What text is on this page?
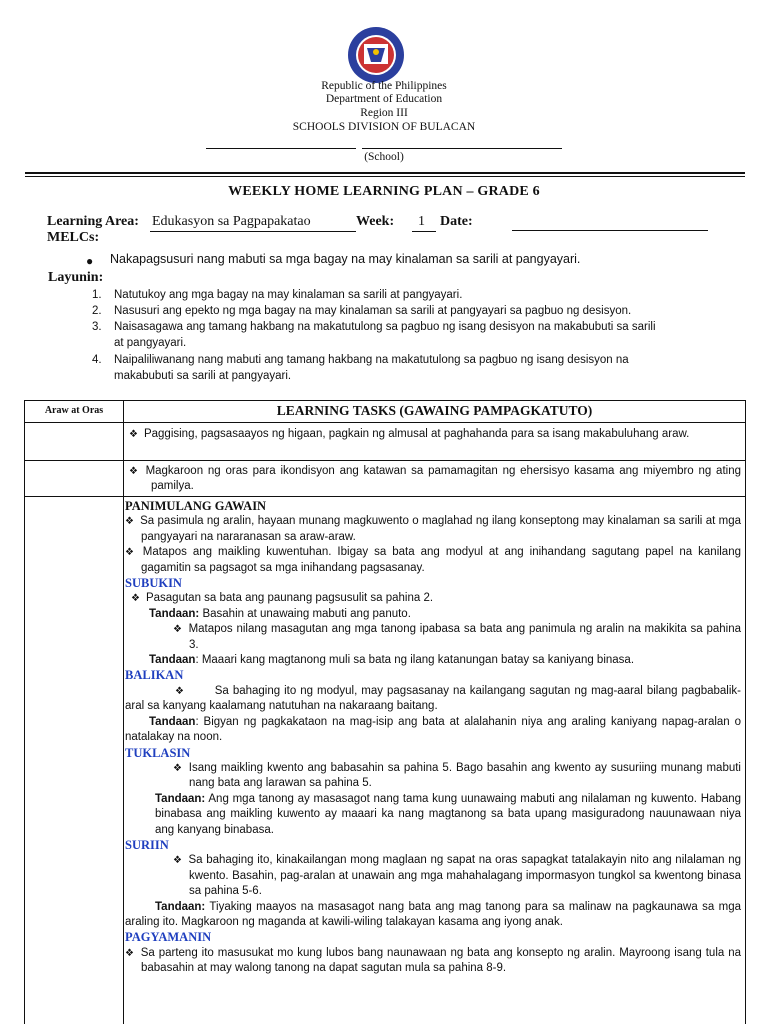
Republic of the Philippines
Department of Education
Region III
SCHOOLS DIVISION OF BULACAN
(School)
WEEKLY HOME LEARNING PLAN – GRADE 6
Learning Area: Edukasyon sa Pagpapakatao	Week: 1 Date:
MELCs:
● Nakapagsusuri nang mabuti sa mga bagay na may kinalaman sa sarili at pangyayari.
Layunin:
1. Natutukoy ang mga bagay na may kinalaman sa sarili at pangyayari.
2. Nasusuri ang epekto ng mga bagay na may kinalaman sa sarili at pangyayari sa pagbuo ng desisyon.
3. Naisasagawa ang tamang hakbang na makatutulong sa pagbuo ng isang desisyon na makabubuti sa sarili
at pangyayari.
4. Naipaliliwanang nang mabuti ang tamang hakbang na makatutulong sa pagbuo ng isang desisyon na
makabubuti sa sarili at pangyayari.
Araw at Oras	LEARNING TASKS (GAWAING PAMPAGKATUTO)

❖ Paggising, pagsasaayos ng higaan, pagkain ng almusal at paghahanda para sa isang makabuluhang araw.

❖ Magkaroon ng oras para ikondisyon ang katawan sa pamamagitan ng ehersisyo kasama ang miyembro ng ating pamilya.

PANIMULANG GAWAIN

❖ Sa pasimula ng aralin, hayaan munang magkuwento o maglahad ng ilang konseptong may kinalaman sa sarili at mga pangyayari na nararanasan sa araw-araw.

❖ Matapos ang maikling kuwentuhan. Ibigay sa bata ang modyul at ang inihandang sagutang papel na kanilang gagamitin sa pagsagot sa mga inihandang pagsasanay.

SUBUKIN

❖ Pasagutan sa bata ang paunang pagsusulit sa pahina 2.

Tandaan: Basahin at unawaing mabuti ang panuto.

❖ Matapos nilang masagutan ang mga tanong ipabasa sa bata ang panimula ng aralin na makikita sa pahina 3.

Tandaan: Maaari kang magtanong muli sa bata ng ilang katanungan batay sa kaniyang binasa.

BALIKAN

❖	Sa bahaging ito ng modyul, may pagsasanay na kailangang sagutan ng mag-aaral bilang pagbabalik-aral sa kanyang kaalamang natutuhan na nakaraang baitang.

Tandaan: Bigyan ng pagkakataon na mag-isip ang bata at alalahanin niya ang araling kaniyang napag-aralan o natalakay na noon.

TUKLASIN

❖ Isang maikling kwento ang babasahin sa pahina 5. Bago basahin ang kwento ay susuriing munang mabuti nang bata ang larawan sa pahina 5.

Tandaan: Ang mga tanong ay masasagot nang tama kung uunawaing mabuti ang nilalaman ng kuwento. Habang binabasa ang maikling kuwento ay maaari ka nang magtanong sa bata upang masiguradong nauunawaan niya ang kanyang binabasa.

SURIIN

❖ Sa bahaging ito, kinakailangan mong maglaan ng sapat na oras sapagkat tatalakayin nito ang nilalaman ng kwento. Basahin, pag-aralan at unawain ang mga mahahalagang impormasyon tungkol sa kwentong binasa sa pahina 5-6.

Tandaan: Tiyaking maayos na masasagot nang bata ang mag tanong para sa malinaw na pagkaunawa sa mga araling ito. Magkaroon ng maganda at kawili-wiling talakayan kasama ang iyong anak.

PAGYAMANIN

❖ Sa parteng ito masusukat mo kung lubos bang naunawaan ng bata ang konsepto ng aralin. Mayroong isang tula na babasahin at may walong tanong na dapat sagutan mula sa pahina 8-9.
